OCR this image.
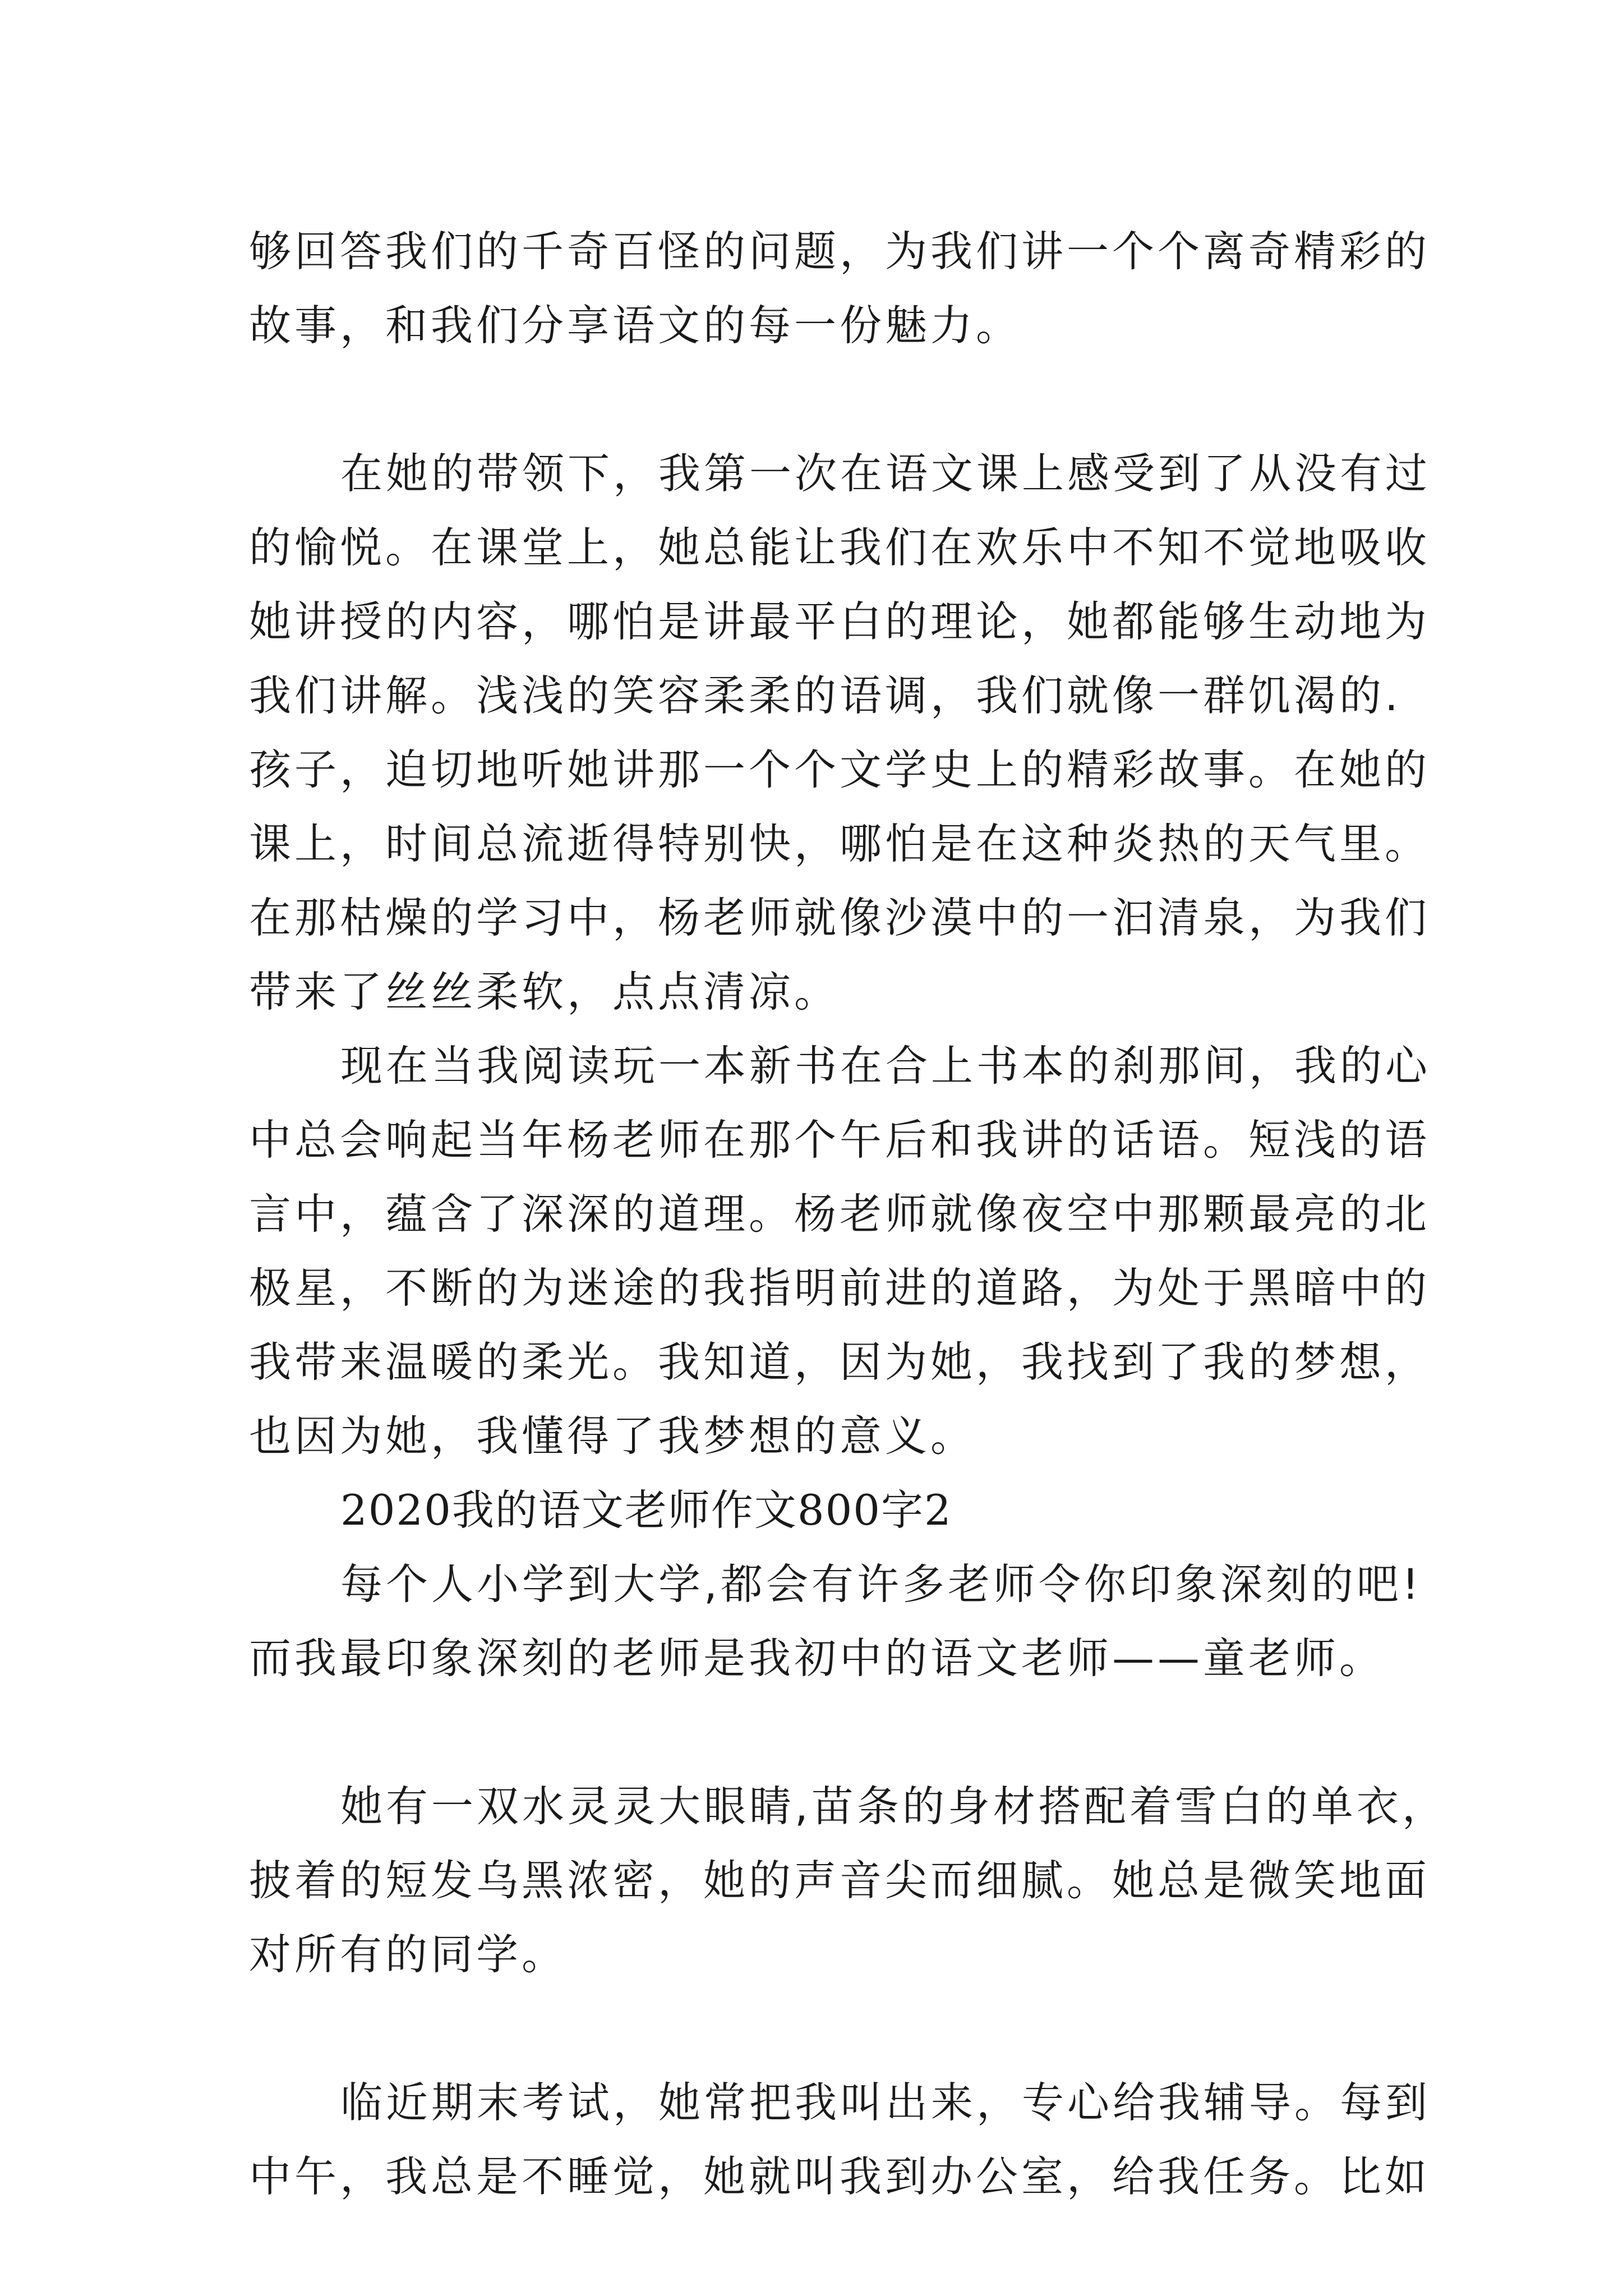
够回答我们的千奇百怪的问题，为我们讲一个个离奇精彩的
故事，和我们分享语文的每一份魅力。
在她的带领下，我第一次在语文课上感受到了从没有过
的愉悦。在课堂上，她总能让我们在欢乐中不知不觉地吸收
她讲授的内容，哪怕是讲最平白的理论，她都能够生动地为
我们讲解。浅浅的笑容柔柔的语调，我们就像一群饥渴的.
孩子，迫切地听她讲那一个个文学史上的精彩故事。在她的
课上，时间总流逝得特别快，哪怕是在这种炎热的天气里。
在那枯燥的学习中，杨老师就像沙漠中的一汩清泉，为我们
带来了丝丝柔软，点点清凉。
现在当我阅读玩一本新书在合上书本的刹那间，我的心
中总会响起当年杨老师在那个午后和我讲的话语。短浅的语
言中，蕴含了深深的道理。杨老师就像夜空中那颗最亮的北
极星，不断的为迷途的我指明前进的道路，为处于黑暗中的
我带来温暖的柔光。我知道，因为她，我找到了我的梦想，
也因为她，我懂得了我梦想的意义。
2020我的语文老师作文800字2
每个人小学到大学,都会有许多老师令你印象深刻的吧!
而我最印象深刻的老师是我初中的语文老师——童老师。
她有一双水灵灵大眼睛,苗条的身材搭配着雪白的单衣，
披着的短发乌黑浓密，她的声音尖而细腻。她总是微笑地面
对所有的同学。
临近期末考试，她常把我叫出来，专心给我辅导。每到
中午，我总是不睡觉，她就叫我到办公室，给我任务。比如
